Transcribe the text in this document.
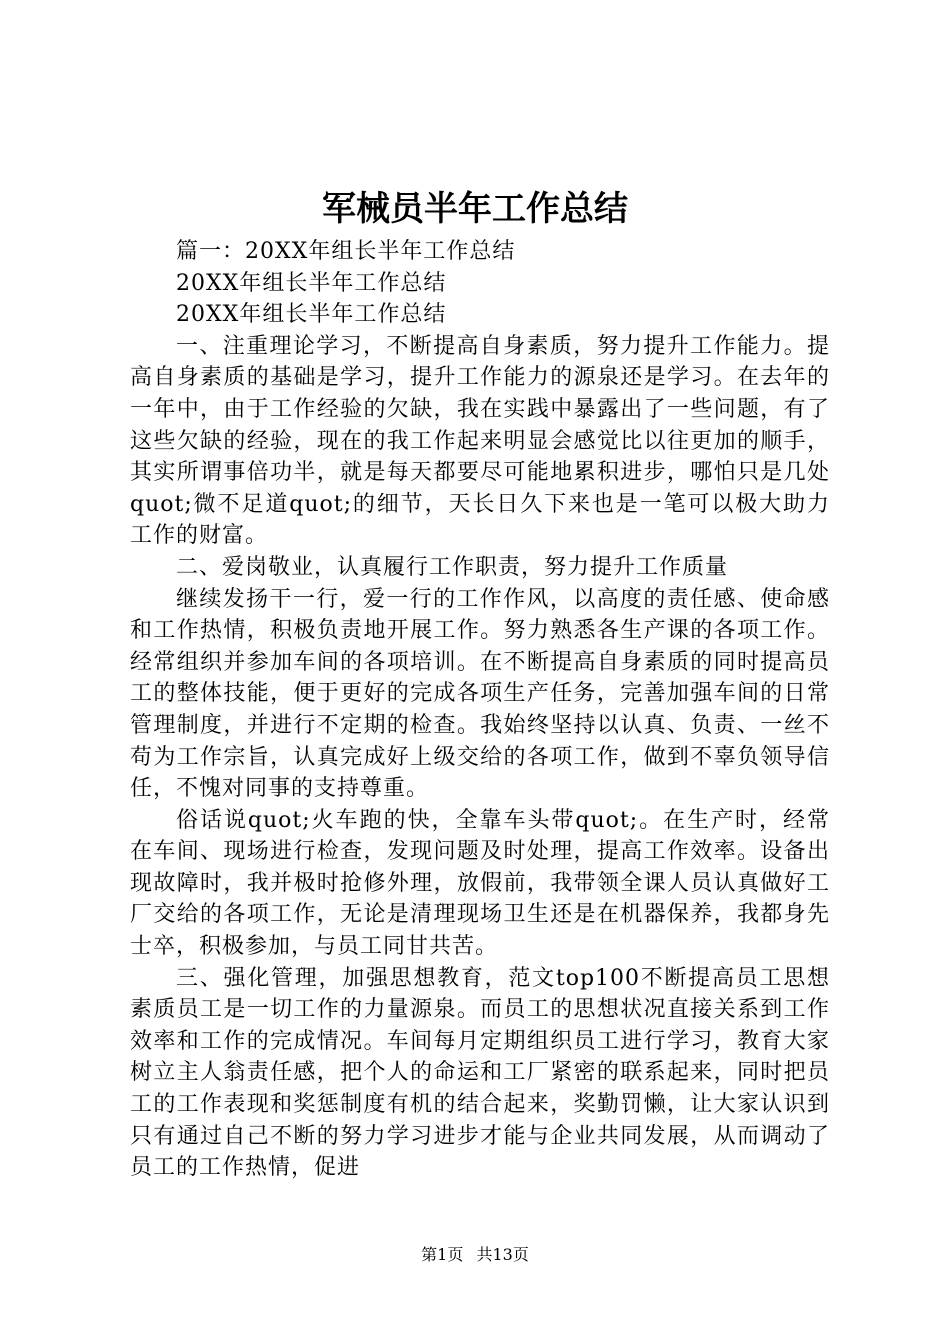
军械员半年工作总结

篇一：20XX年组长半年工作总结

20XX年组长半年工作总结

20XX年组长半年工作总结

一、注重理论学习，不断提高自身素质，努力提升工作能力。提高自身素质的基础是学习，提升工作能力的源泉还是学习。在去年的一年中，由于工作经验的欠缺，我在实践中暴露出了一些问题，有了这些欠缺的经验，现在的我工作起来明显会感觉比以往更加的顺手，其实所谓事倍功半，就是每天都要尽可能地累积进步，哪怕只是几处quot;微不足道quot;的细节，天长日久下来也是一笔可以极大助力工作的财富。

二、爱岗敬业，认真履行工作职责，努力提升工作质量

继续发扬干一行，爱一行的工作作风，以高度的责任感、使命感和工作热情，积极负责地开展工作。努力熟悉各生产课的各项工作。经常组织并参加车间的各项培训。在不断提高自身素质的同时提高员工的整体技能，便于更好的完成各项生产任务，完善加强车间的日常管理制度，并进行不定期的检查。我始终坚持以认真、负责、一丝不苟为工作宗旨，认真完成好上级交给的各项工作，做到不辜负领导信任，不愧对同事的支持尊重。

俗话说quot;火车跑的快，全靠车头带quot;。在生产时，经常在车间、现场进行检查，发现问题及时处理，提高工作效率。设备出现故障时，我并极时抢修外理，放假前，我带领全课人员认真做好工厂交给的各项工作，无论是清理现场卫生还是在机器保养，我都身先士卒，积极参加，与员工同甘共苦。

三、强化管理，加强思想教育，范文top100不断提高员工思想素质员工是一切工作的力量源泉。而员工的思想状况直接关系到工作效率和工作的完成情况。车间每月定期组织员工进行学习，教育大家树立主人翁责任感，把个人的命运和工厂紧密的联系起来，同时把员工的工作表现和奖惩制度有机的结合起来，奖勤罚懒，让大家认识到只有通过自己不断的努力学习进步才能与企业共同发展，从而调动了员工的工作热情，促进

第1页 共13页
